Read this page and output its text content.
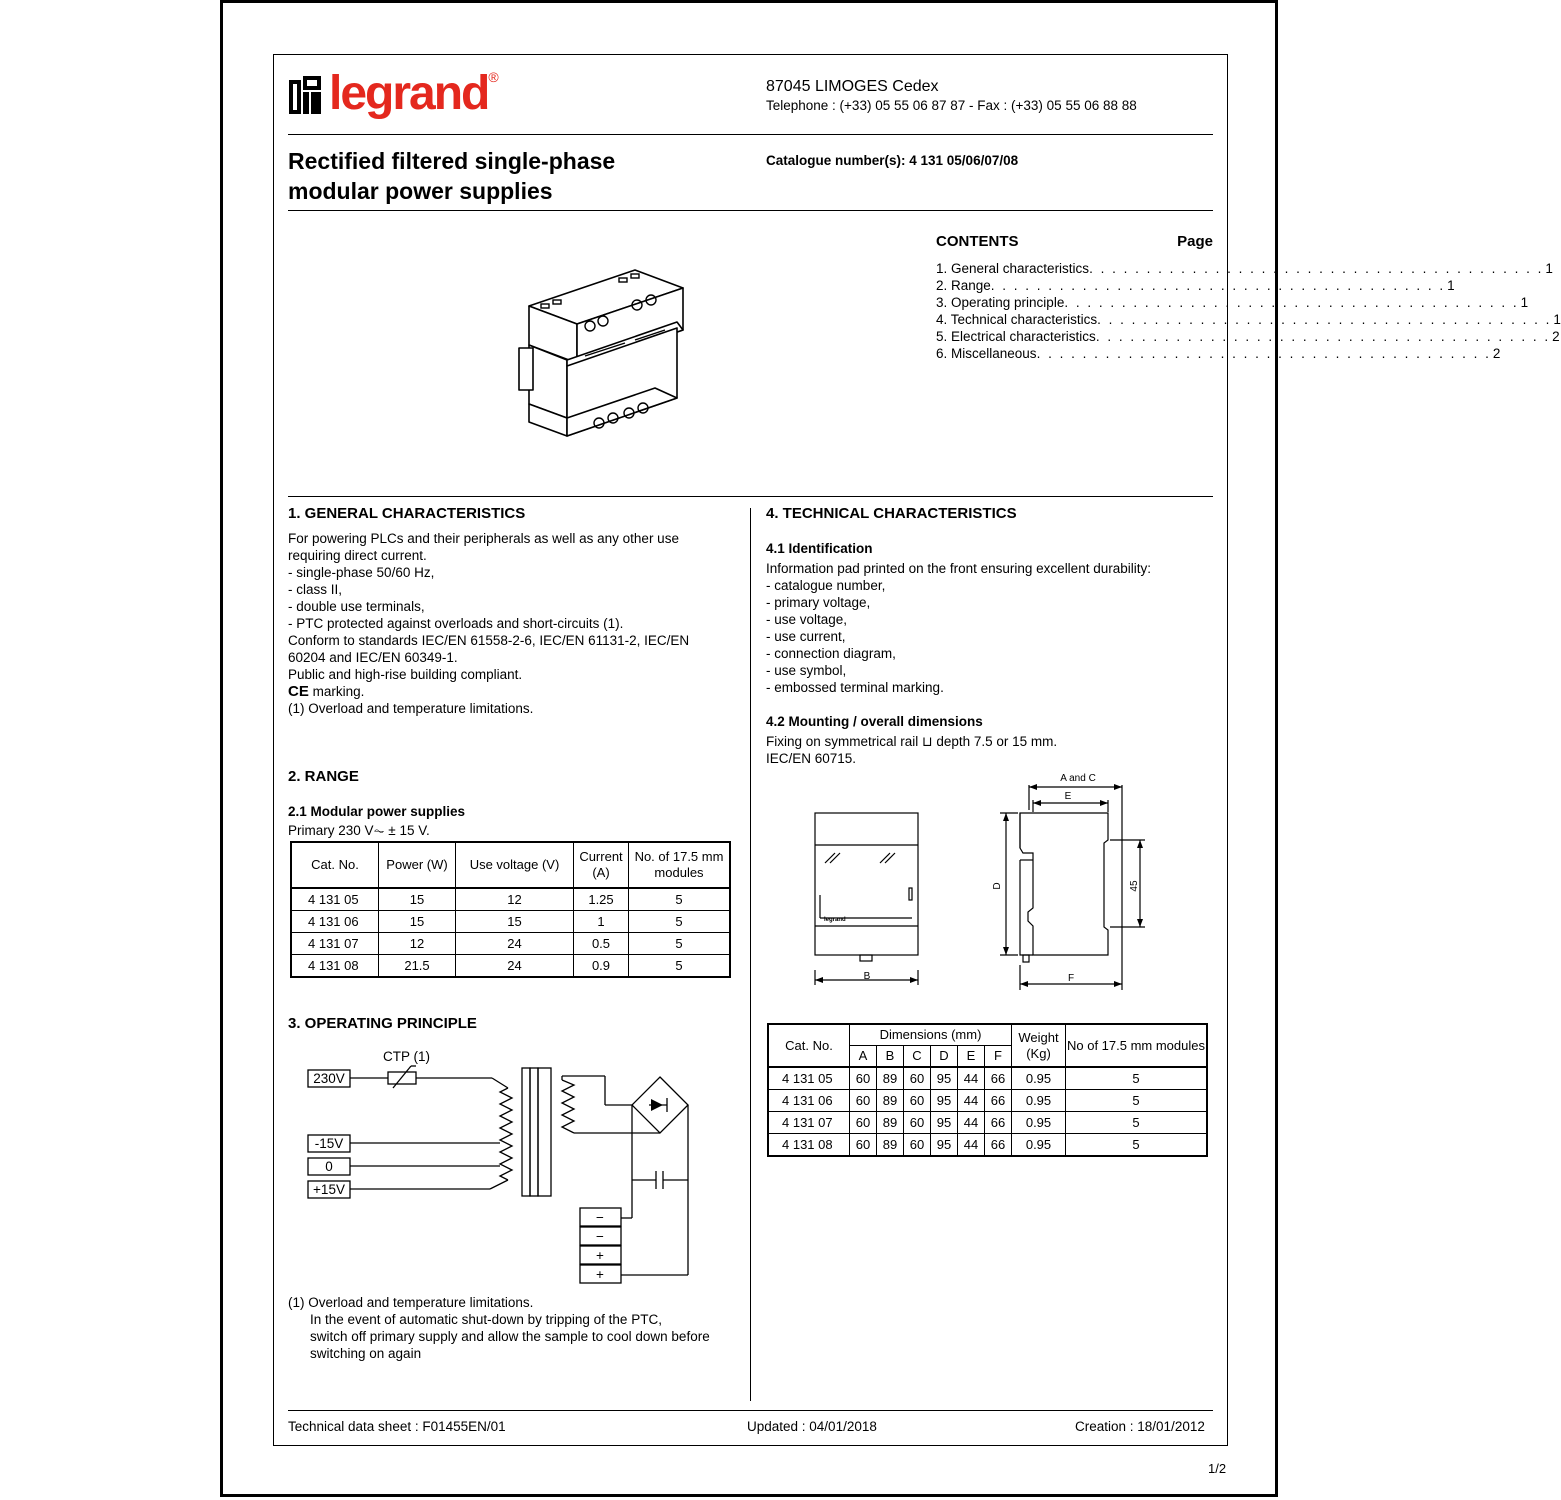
legrand®
87045 LIMOGES Cedex
Telephone : (+33) 05 55 06 87 87 - Fax : (+33) 05 55 06 88 88
Rectified filtered single-phase
modular power supplies
Catalogue number(s): 4 131 05/06/07/08
CONTENTS	Page
1. General characteristics . . . . . . . . . . . . . . . . . . . . . . . . . . . . . . . . . . . . . . . . 1
2. Range . . . . . . . . . . . . . . . . . . . . . . . . . . . . . . . . . . . . . . . . 1
3. Operating principle . . . . . . . . . . . . . . . . . . . . . . . . . . . . . . . . . . . . . . . . 1
4. Technical characteristics . . . . . . . . . . . . . . . . . . . . . . . . . . . . . . . . . . . . . . . . 1
5. Electrical characteristics . . . . . . . . . . . . . . . . . . . . . . . . . . . . . . . . . . . . . . . . 2
6. Miscellaneous . . . . . . . . . . . . . . . . . . . . . . . . . . . . . . . . . . . . . . . . 2
1. GENERAL CHARACTERISTICS

For powering PLCs and their peripherals as well as any other use requiring direct current.

- single-phase 50/60 Hz,

- class II,

- double use terminals,

- PTC protected against overloads and short-circuits (1).

Conform to standards IEC/EN 61558-2-6, IEC/EN 61131-2, IEC/EN 60204 and IEC/EN 60349-1.

Public and high-rise building compliant.

CE marking.

(1) Overload and temperature limitations.

2. RANGE
2.1 Modular power supplies
Primary 230 V⏦ ± 15 V.
Cat. No.	Power (W)	Use voltage (V)	Current (A)	No. of 17.5 mm modules
4 131 05	15	12	1.25	5
4 131 06	15	15	1	5
4 131 07	12	24	0.5	5
4 131 08	21.5	24	0.9	5
3. OPERATING PRINCIPLE
CTP (1)
230V
-15V
0
+15V
−
−
+
+

(1) Overload and temperature limitations.

In the event of automatic shut-down by tripping of the PTC,

switch off primary supply and allow the sample to cool down before

switching on again

4. TECHNICAL CHARACTERISTICS
4.1 Identification

Information pad printed on the front ensuring excellent durability:

- catalogue number,

- primary voltage,

- use voltage,

- use current,

- connection diagram,

- use symbol,

- embossed terminal marking.

4.2 Mounting / overall dimensions

Fixing on symmetrical rail ⊔ depth 7.5 or 15 mm.

IEC/EN 60715.

legrand
B
A and C
E
D	45
F
Cat. No.	Dimensions (mm)						Weight (Kg)	No of 17.5 mm modules
	A	B	C	D	E	F		
4 131 05	60	89	60	95	44	66	0.95	5
4 131 06	60	89	60	95	44	66	0.95	5
4 131 07	60	89	60	95	44	66	0.95	5
4 131 08	60	89	60	95	44	66	0.95	5
Technical data sheet : F01455EN/01	Updated : 04/01/2018	Creation : 18/01/2012
1/2
